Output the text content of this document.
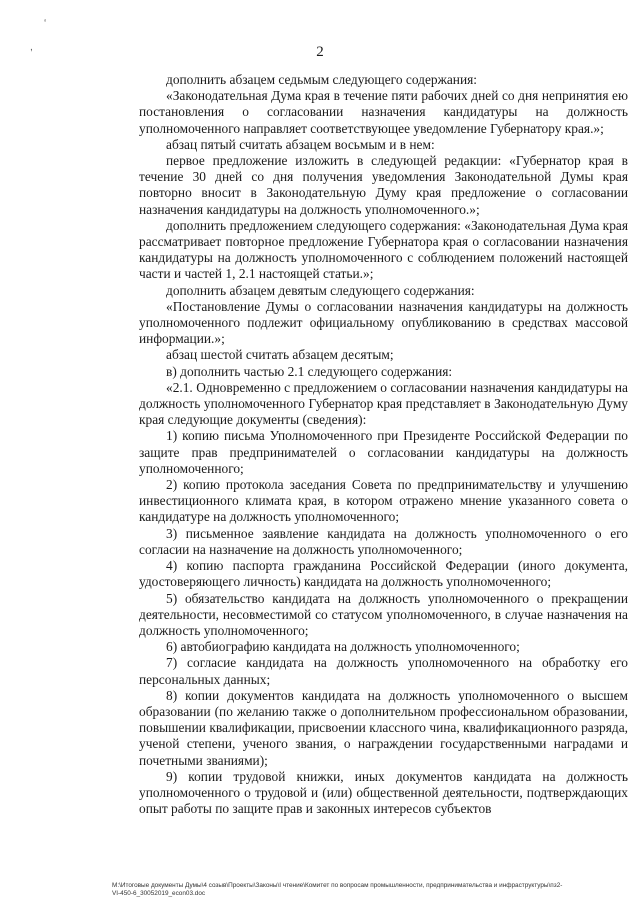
‘
,	2

дополнить абзацем седьмым следующего содержания:

«Законодательная Дума края в течение пяти рабочих дней со дня непринятия ею постановления о согласовании назначения кандидатуры на должность уполномоченного направляет соответствующее уведомление Губернатору края.»;

абзац пятый считать абзацем восьмым и в нем:

первое предложение изложить в следующей редакции: «Губернатор края в течение 30 дней со дня получения уведомления Законодательной Думы края повторно вносит в Законодательную Думу края предложение о согласовании назначения кандидатуры на должность уполномоченного.»;

дополнить предложением следующего содержания: «Законодательная Дума края рассматривает повторное предложение Губернатора края о согласовании назначения кандидатуры на должность уполномоченного с соблюдением положений настоящей части и частей 1, 2.1 настоящей статьи.»;

дополнить абзацем девятым следующего содержания:

«Постановление Думы о согласовании назначения кандидатуры на должность уполномоченного подлежит официальному опубликованию в средствах массовой информации.»;

абзац шестой считать абзацем десятым;

в) дополнить частью 2.1 следующего содержания:

«2.1. Одновременно с предложением о согласовании назначения кандидатуры на должность уполномоченного Губернатор края представляет в Законодательную Думу края следующие документы (сведения):

1) копию письма Уполномоченного при Президенте Российской Федерации по защите прав предпринимателей о согласовании кандидатуры на должность уполномоченного;

2) копию протокола заседания Совета по предпринимательству и улучшению инвестиционного климата края, в котором отражено мнение указанного совета о кандидатуре на должность уполномоченного;

3) письменное заявление кандидата на должность уполномоченного о его согласии на назначение на должность уполномоченного;

4) копию паспорта гражданина Российской Федерации (иного документа, удостоверяющего личность) кандидата на должность уполномоченного;

5) обязательство кандидата на должность уполномоченного о прекращении деятельности, несовместимой со статусом уполномоченного, в случае назначения на должность уполномоченного;

6) автобиографию кандидата на должность уполномоченного;

7) согласие кандидата на должность уполномоченного на обработку его персональных данных;

8) копии документов кандидата на должность уполномоченного о высшем образовании (по желанию также о дополнительном профессиональном образовании, повышении квалификации, присвоении классного чина, квалификационного разряда, ученой степени, ученого звания, о награждении государственными наградами и почетными званиями);

9) копии трудовой книжки, иных документов кандидата на должность уполномоченного о трудовой и (или) общественной деятельности, подтверждающих опыт работы по защите прав и законных интересов субъектов

M:\Итоговые документы Думы\4 созыв\Проекты\Законы\I чтение\Комитет по вопросам промышленности, предпринимательства и инфраструктуры\пз2-
VI-450-6_30052019_econ03.doc
